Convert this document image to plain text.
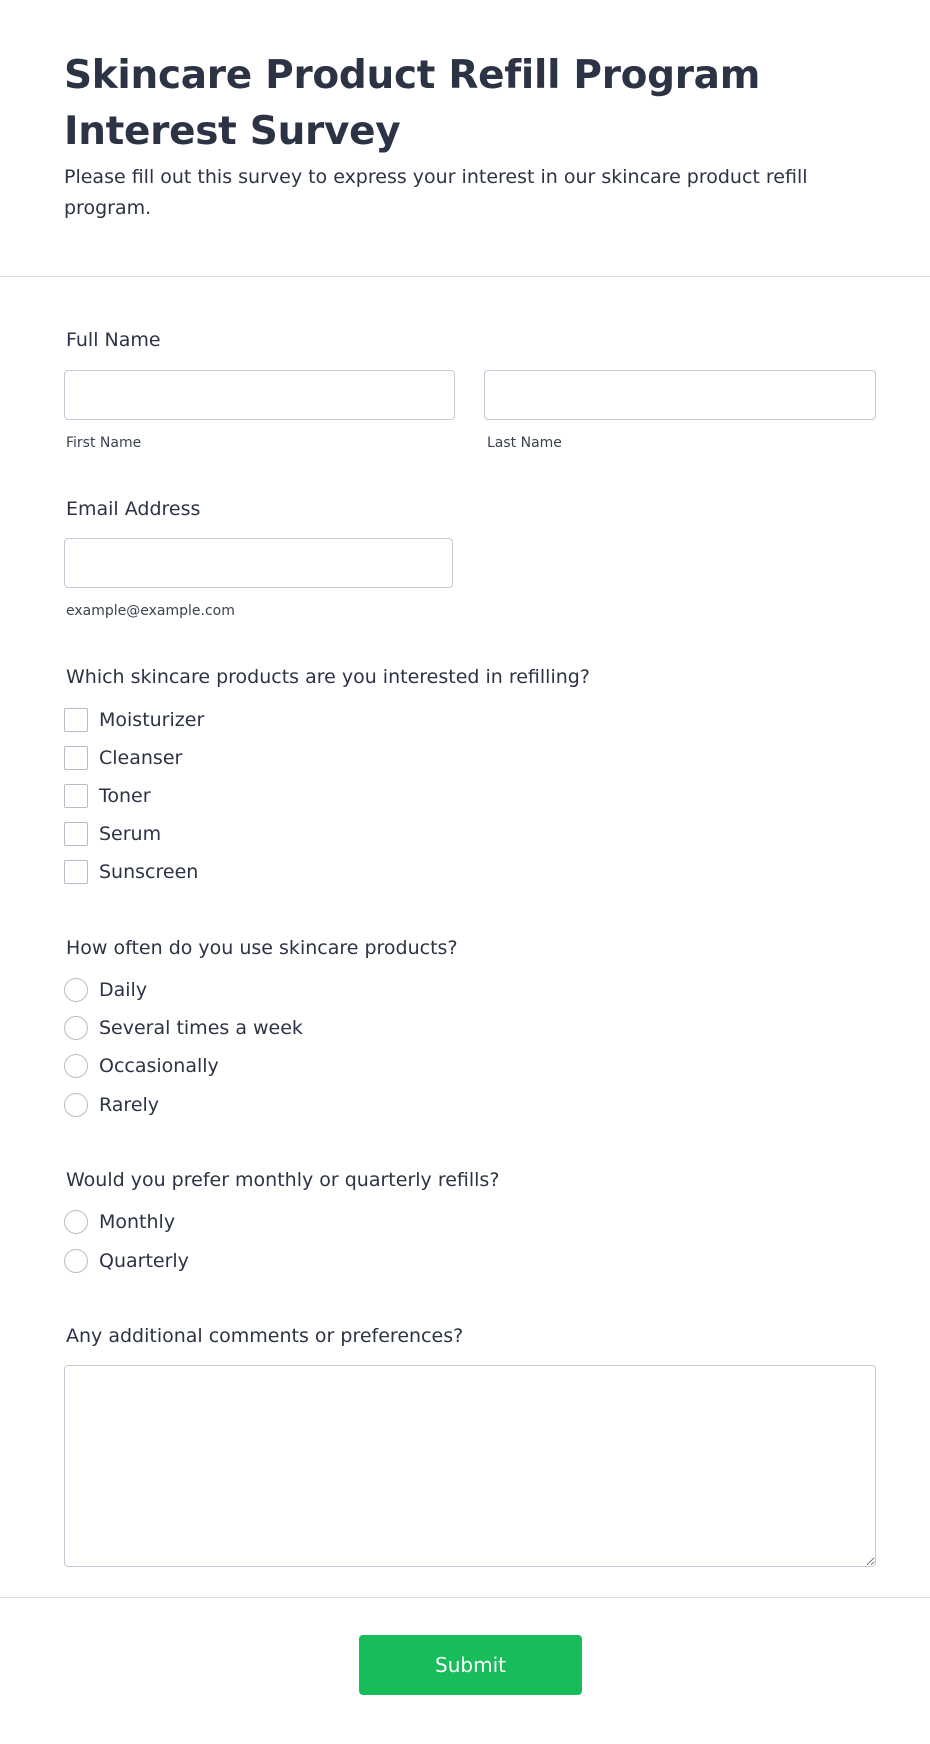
Skincare Product Refill Program Interest Survey

Please fill out this survey to express your interest in our skincare product refill program.

Full Name
First Name	Last Name
Email Address
example@example.com
Which skincare products are you interested in refilling?
Moisturizer
Cleanser
Toner
Serum
Sunscreen
How often do you use skincare products?
Daily
Several times a week
Occasionally
Rarely
Would you prefer monthly or quarterly refills?
Monthly
Quarterly
Any additional comments or preferences?
Submit
